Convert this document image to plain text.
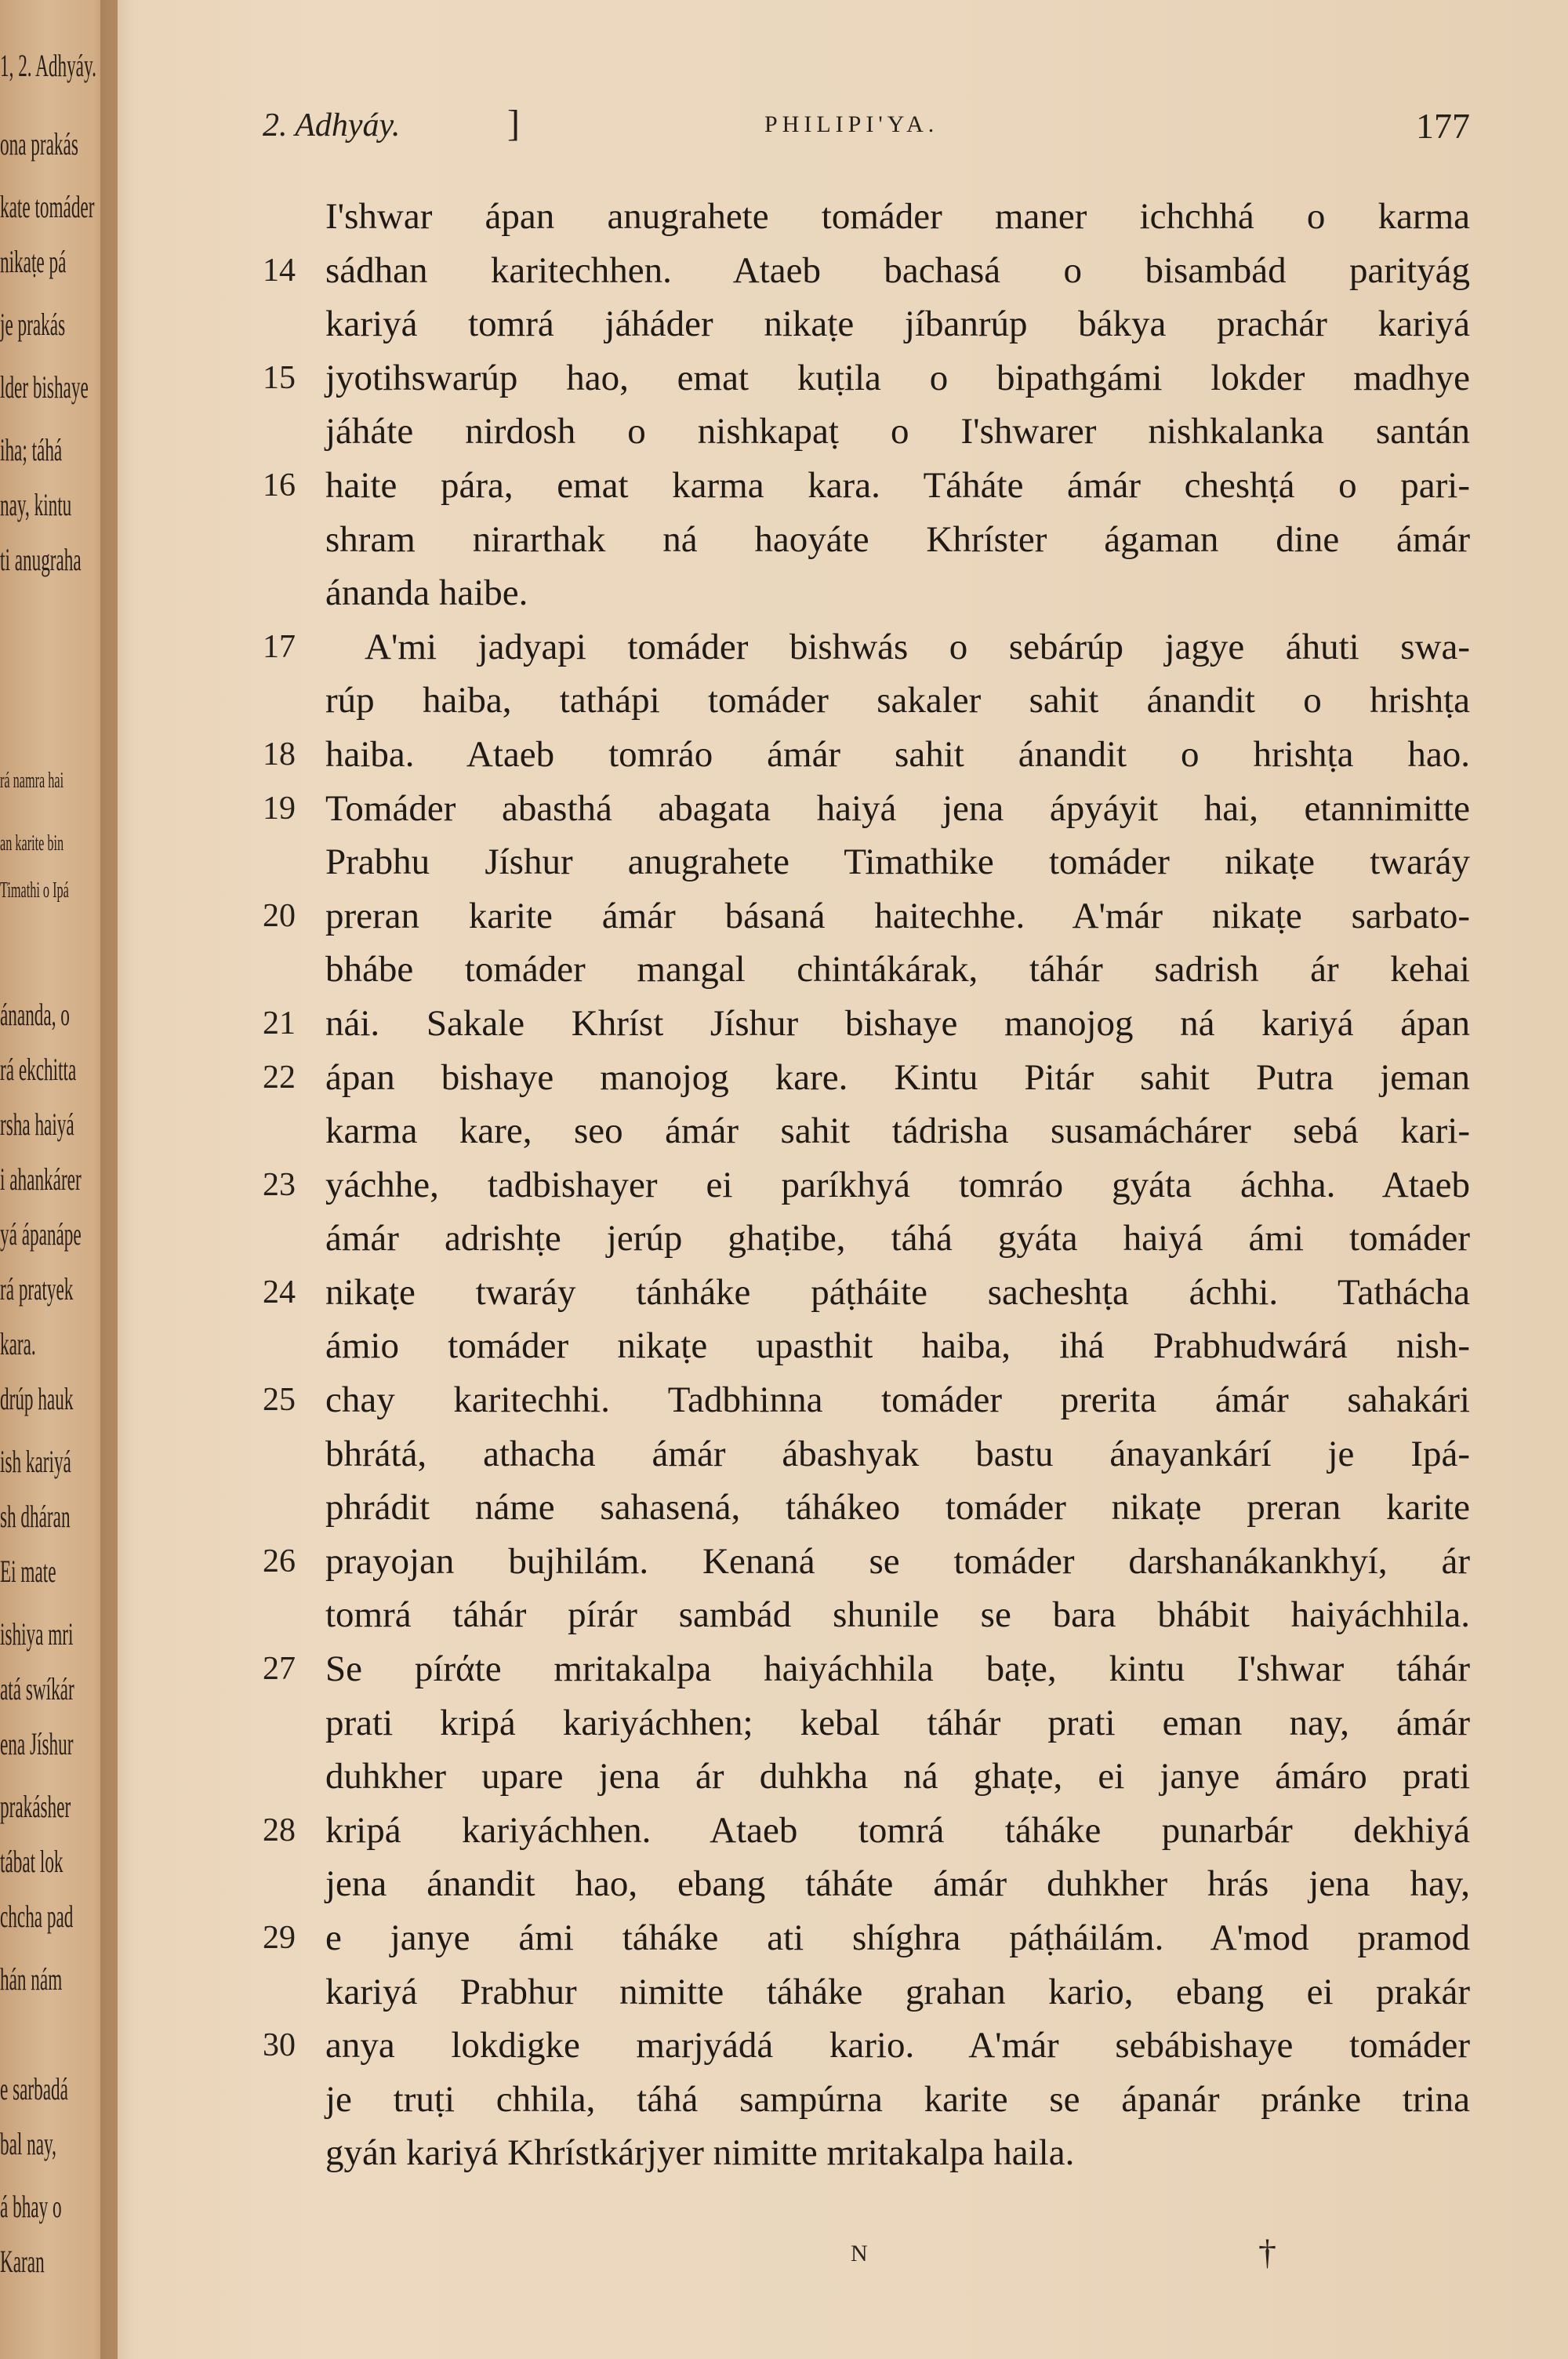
1, 2. Adhyáy.
ona prakás
kate tomáder
nikaṭe pá
je prakás
lder bishaye
iha; táhá
nay, kintu
ti anugraha
rá namra hai
an karite bin
Timathi o Ipá
ánanda, o
rá ekchitta
rsha haiyá
i ahankárer
yá ápanápe
rá pratyek
kara.
drúp hauk
ish kariyá
sh dháran
Ei mate
ishiya mri
atá swíkár
ena Jíshur
prakásher
tábat lok
chcha pad
hán nám
e sarbadá
bal nay,
á bhay o
Karan
2. Adhyáy.	]	PHILIPI'YA.	177
I'shwar ápan anugrahete tomáder maner ichchhá o karma
14 sádhan karitechhen. Ataeb bachasá o bisambád parityág
kariyá tomrá jáháder nikaṭe jíbanrúp bákya prachár kariyá
15 jyotihswarúp hao, emat kuṭila o bipathgámi lokder madhye
jáháte nirdosh o nishkapaṭ o I'shwarer nishkalanka santán
16 haite pára, emat karma kara. Táháte ámár cheshṭá o pari-
shram nirarthak ná haoyáte Khríster ágaman dine ámár
ánanda haibe.
17	A'mi jadyapi tomáder bishwás o sebárúp jagye áhuti swa-
rúp haiba, tathápi tomáder sakaler sahit ánandit o hrishṭa
18 haiba. Ataeb tomráo ámár sahit ánandit o hrishṭa hao.
19 Tomáder abasthá abagata haiyá jena ápyáyit hai, etannimitte
Prabhu Jíshur anugrahete Timathike tomáder nikaṭe twaráy
20 preran karite ámár básaná haitechhe. A'már nikaṭe sarbato-
bhábe tomáder mangal chintákárak, táhár sadrish ár kehai
21 nái. Sakale Khríst Jíshur bishaye manojog ná kariyá ápan
22 ápan bishaye manojog kare. Kintu Pitár sahit Putra jeman
karma kare, seo ámár sahit tádrisha susamáchárer sebá kari-
23 yáchhe, tadbishayer ei paríkhyá tomráo gyáta áchha. Ataeb
ámár adrishṭe jerúp ghaṭibe, táhá gyáta haiyá ámi tomáder
24 nikaṭe twaráy tánháke páṭháite sacheshṭa áchhi. Tathácha
ámio tomáder nikaṭe upasthit haiba, ihá Prabhudwárá nish-
25 chay karitechhi. Tadbhinna tomáder prerita ámár sahakári
bhrátá, athacha ámár ábashyak bastu ánayankárí je Ipá-
phrádit náme sahasená, táhákeo tomáder nikaṭe preran karite
26 prayojan bujhilám. Kenaná se tomáder darshanákankhyí, ár
tomrá táhár pírár sambád shunile se bara bhábit haiyáchhila.
27 Se pírάte mritakalpa haiyáchhila baṭe, kintu I'shwar táhár
prati kripá kariyáchhen; kebal táhár prati eman nay, ámár
duhkher upare jena ár duhkha ná ghaṭe, ei janye ámáro prati
28 kripá kariyáchhen. Ataeb tomrá táháke punarbár dekhiyá
jena ánandit hao, ebang táháte ámár duhkher hrás jena hay,
29 e janye ámi táháke ati shíghra páṭháilám. A'mod pramod
kariyá Prabhur nimitte táháke grahan kario, ebang ei prakár
30 anya lokdigke marjyádá kario. A'már sebábishaye tomáder
je truṭi chhila, táhá sampúrna karite se ápanár pránke trina
gyán kariyá Khrístkárjyer nimitte mritakalpa haila.
N	†
